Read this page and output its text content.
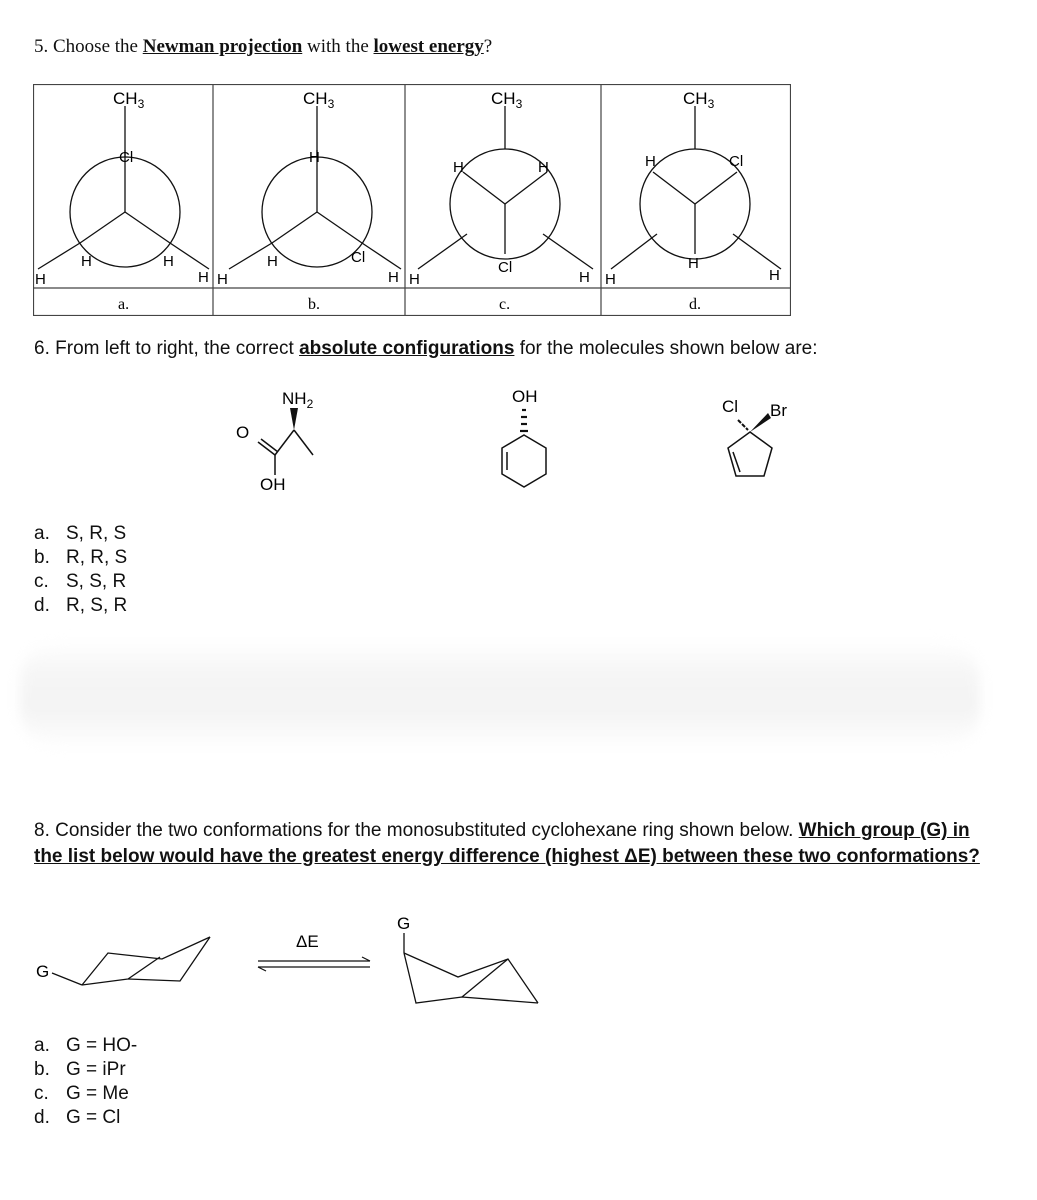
5. Choose the Newman projection with the lowest energy?
$CH_3$
Cl
H
H	H
H
a.
$CH_3$
H
H
H	Cl
H
b.
$CH_3$
H	H
Cl
H	H
c.
$CH_3$
H	Cl
H
H	H
d.
6. From left to right, the correct absolute configurations for the molecules shown below are:
$NH_2$
O
OH
OH
Cl Br
a. S, R, S
b. R, R, S
c. S, S, R
d. R, S, R
8. Consider the two conformations for the monosubstituted cyclohexane ring shown below. Which group (G) in the list below would have the greatest energy difference (highest ΔE) between these two conformations?
G
ΔE
G
a. G = HO-
b. G = iPr
c. G = Me
d. G = Cl
